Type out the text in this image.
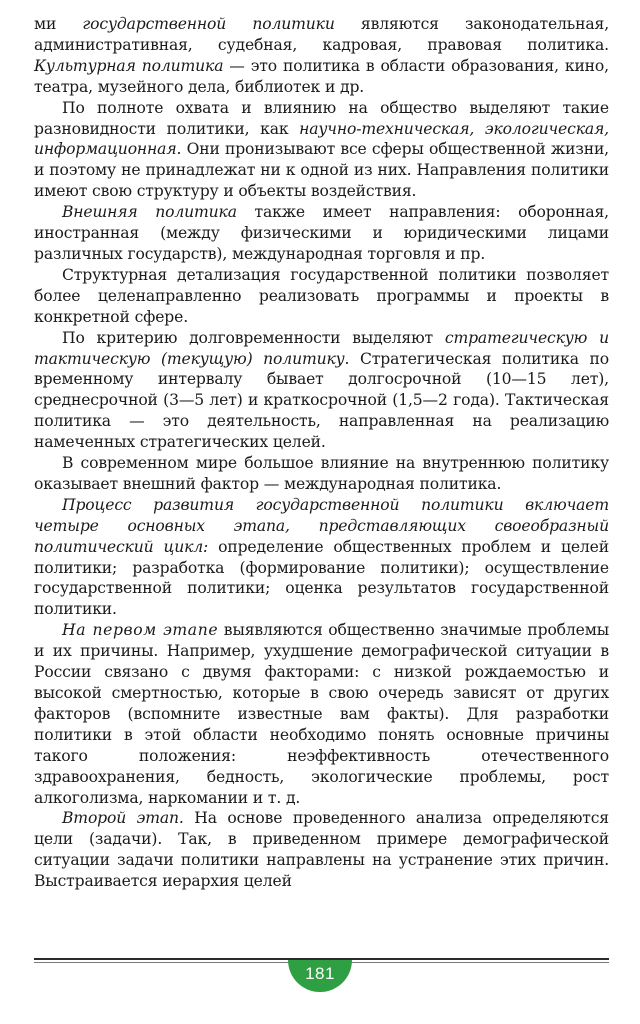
ми государственной политики являются законодательная, административная, судебная, кадровая, правовая политика. Культурная политика — это политика в области образования, кино, театра, музейного дела, библиотек и др.

По полноте охвата и влиянию на общество выделяют такие разновидности политики, как научно-техническая, экологическая, информационная. Они пронизывают все сферы общественной жизни, и поэтому не принадлежат ни к одной из них. Направления политики имеют свою структуру и объекты воздействия.

Внешняя политика также имеет направления: оборонная, иностранная (между физическими и юридическими лицами различных государств), международная торговля и пр.

Структурная детализация государственной политики позволяет более целенаправленно реализовать программы и проекты в конкретной сфере.

По критерию долговременности выделяют стратегическую и тактическую (текущую) политику. Стратегическая политика по временному интервалу бывает долгосрочной (10—15 лет), среднесрочной (3—5 лет) и краткосрочной (1,5—2 года). Тактическая политика — это деятельность, направленная на реализацию намеченных стратегических целей.

В современном мире большое влияние на внутреннюю политику оказывает внешний фактор — международная политика.

Процесс развития государственной политики включает четыре основных этапа, представляющих своеобразный политический цикл: определение общественных проблем и целей политики; разработка (формирование политики); осуществление государственной политики; оценка результатов государственной политики.

На первом этапе выявляются общественно значимые проблемы и их причины. Например, ухудшение демографической ситуации в России связано с двумя факторами: с низкой рождаемостью и высокой смертностью, которые в свою очередь зависят от других факторов (вспомните известные вам факты). Для разработки политики в этой области необходимо понять основные причины такого положения: неэффективность отечественного здравоохранения, бедность, экологические проблемы, рост алкоголизма, наркомании и т. д.

Второй этап. На основе проведенного анализа определяются цели (задачи). Так, в приведенном примере демографической ситуации задачи политики направлены на устранение этих причин. Выстраивается иерархия целей

181
